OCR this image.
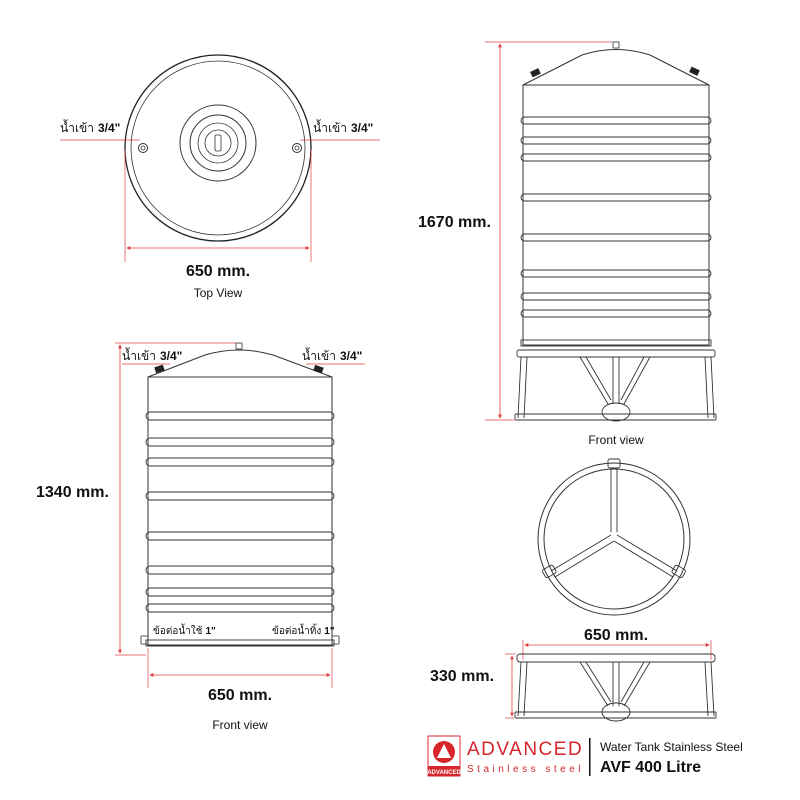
น้ำเข้า 3/4"	น้ำเข้า 3/4"
650 mm.
Top View
น้ำเข้า 3/4"	น้ำเข้า 3/4"
ข้อต่อน้ำใช้ 1"	ข้อต่อน้ำทิ้ง 1"
1340 mm.
650 mm.
Front view
1670 mm.
Front view
650 mm.
330 mm.
ADVANCED
ADVANCED
Stainless steel
Water Tank Stainless Steel
AVF 400 Litre
